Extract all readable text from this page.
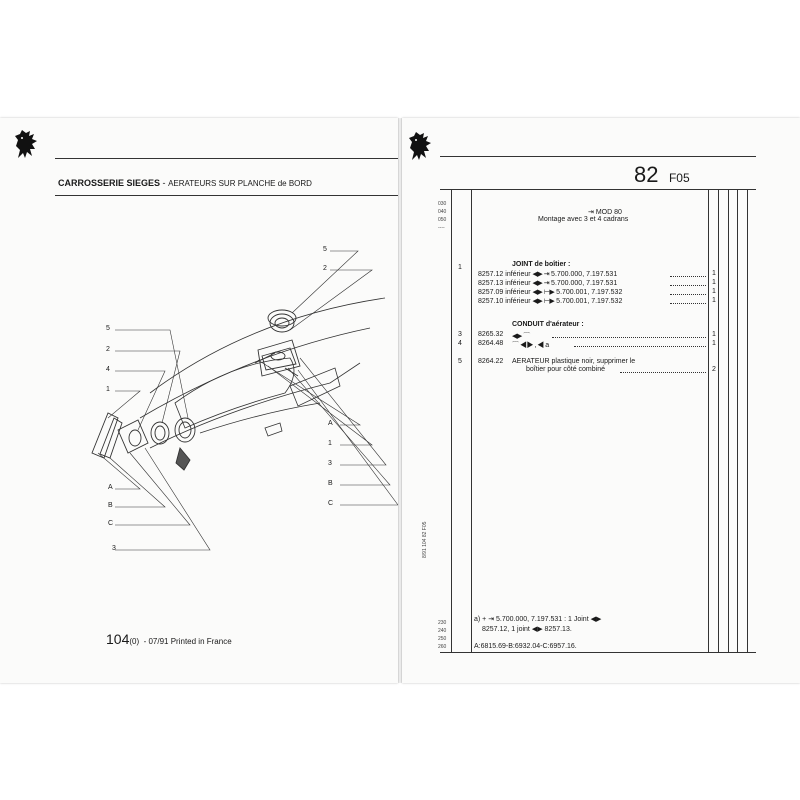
CARROSSERIE SIEGES - AERATEURS SUR PLANCHE de BORD
5
2
A
1
3
B
C
5
2
4
1
A
B
C
3
104(0) - 07/91 Printed in France
82 F05
030
040
050
----
8/91 104 82 F05
⇥ MOD 80
Montage avec 3 et 4 cadrans
1	JOINT de boîtier :
8257.12 inférieur ◀▶ ⇥ 5.700.000, 7.197.531
8257.13 inférieur ◀▶ ⇥ 5.700.000, 7.197.531
8257.09 inférieur ◀▶ ⊢▶ 5.700.001, 7.197.532
8257.10 inférieur ◀▶ ⊢▶ 5.700.001, 7.197.532
1
1
1
1
CONDUIT d'aérateur :
3 8265.32 ◀▶ ⌒	1
4 8264.48 ⌒ ◀▶ , ◀ a	1
5 8264.22 AERATEUR plastique noir, supprimer le
boîtier pour côté combiné	2
230
240
250
260
a) + ⇥ 5.700.000, 7.197.531 : 1 Joint ◀▶
8257.12, 1 joint ◀▶ 8257.13.
A:6815.69-B:6932.04-C:6957.16.
